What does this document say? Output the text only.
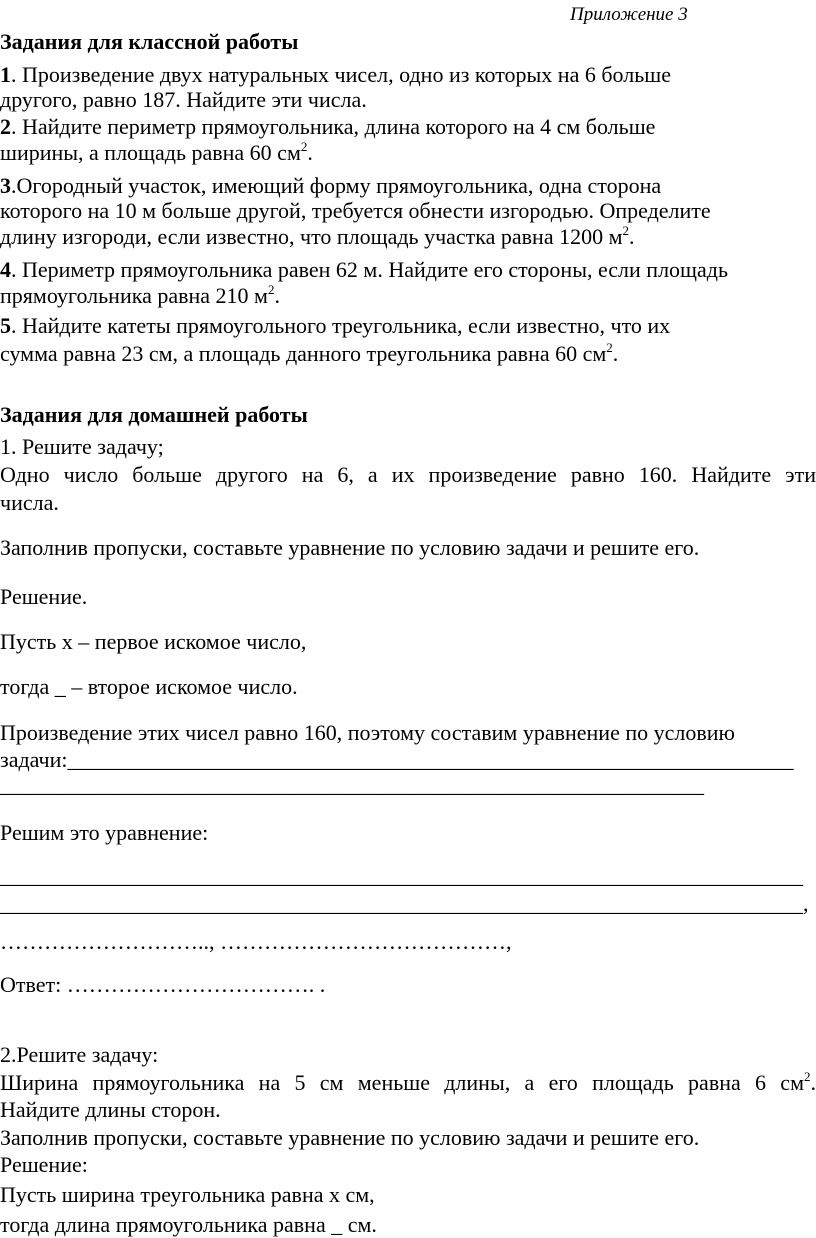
Приложение 3
Задания для классной работы
1. Произведение двух натуральных чисел, одно из которых на 6 больше
другого, равно 187. Найдите эти числа.
2. Найдите периметр прямоугольника, длина которого на 4 см больше
ширины, а площадь равна 60 $см^2$.
3.Огородный участок, имеющий форму прямоугольника, одна сторона
которого на 10 м больше другой, требуется обнести изгородью. Определите
длину изгороди, если известно, что площадь участка равна 1200 $м^2$.
4. Периметр прямоугольника равен 62 м. Найдите его стороны, если площадь
прямоугольника равна 210 $м^2$.
5. Найдите катеты прямоугольного треугольника, если известно, что их
сумма равна 23 см, а площадь данного треугольника равна 60 $см^2$.
Задания для домашней работы
1. Решите задачу;
Одно число больше другого на 6, а их произведение равно 160. Найдите эти
числа.
Заполнив пропуски, составьте уравнение по условию задачи и решите его.
Решение.
Пусть х – первое искомое число,
тогда _ – второе искомое число.
Произведение этих чисел равно 160, поэтому составим уравнение по условию
задачи:__________________________________________________________________
________________________________________________________________
Решим это уравнение:
_________________________________________________________________________
_________________________________________________________________________,
……………………….., …………………………………,
Ответ: ……………………………. .
2.Решите задачу:
Ширина прямоугольника на 5 см меньше длины, а его площадь равна 6 $см^2$.
Найдите длины сторон.
Заполнив пропуски, составьте уравнение по условию задачи и решите его.
Решение:
Пусть ширина треугольника равна х см,
тогда длина прямоугольника равна _ см.
